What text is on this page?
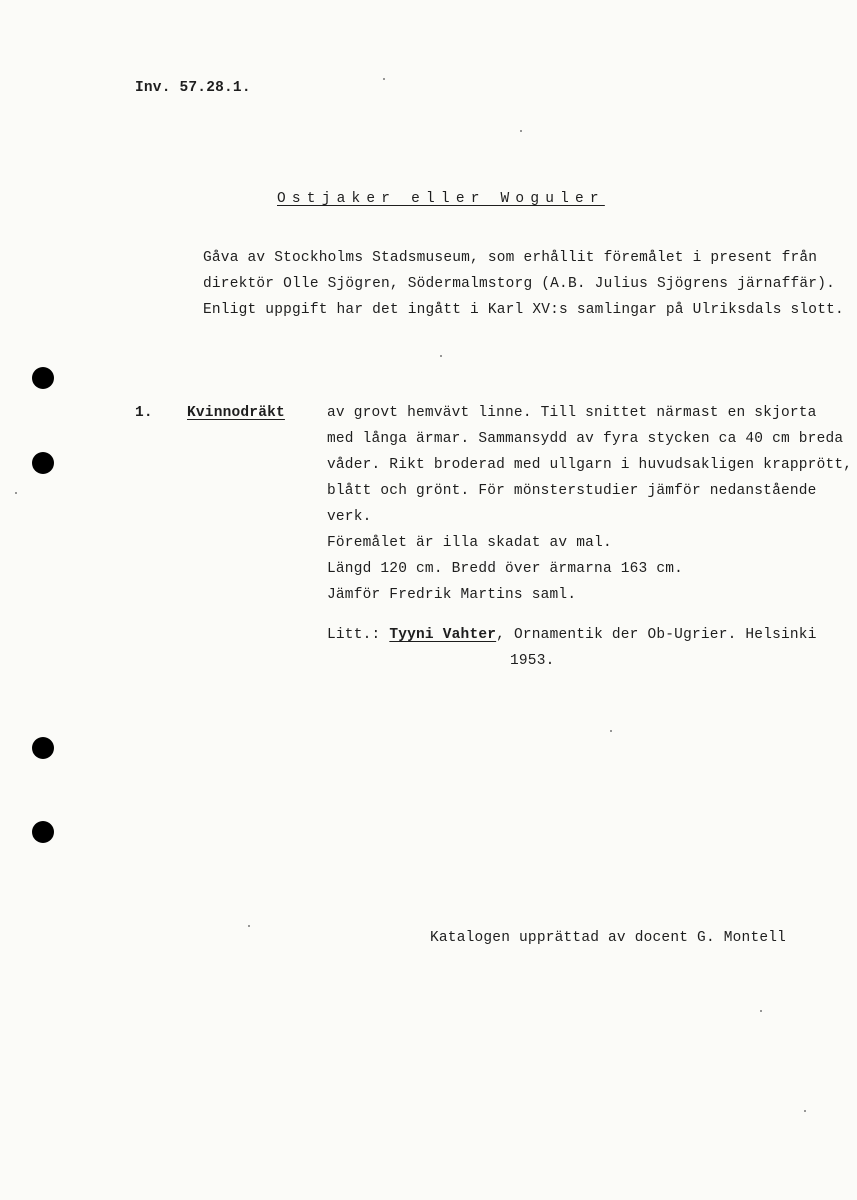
Inv. 57.28.1.
Ostjaker eller Woguler
Gåva av Stockholms Stadsmuseum, som erhållit föremålet i present från
direktör Olle Sjögren, Södermalmstorg (A.B. Julius Sjögrens järnaffär).
Enligt uppgift har det ingått i Karl XV:s samlingar på Ulriksdals slott.
1. Kvinnodräkt	av grovt hemvävt linne. Till snittet närmast en skjorta
med långa ärmar. Sammansydd av fyra stycken ca 40 cm breda
våder. Rikt broderad med ullgarn i huvudsakligen krapprött,
blått och grönt. För mönsterstudier jämför nedanstående
verk.
Föremålet är illa skadat av mal.
Längd 120 cm. Bredd över ärmarna 163 cm.
Jämför Fredrik Martins saml.
Litt.: Tyyni Vahter, Ornamentik der Ob-Ugrier. Helsinki
1953.
Katalogen upprättad av docent G. Montell
